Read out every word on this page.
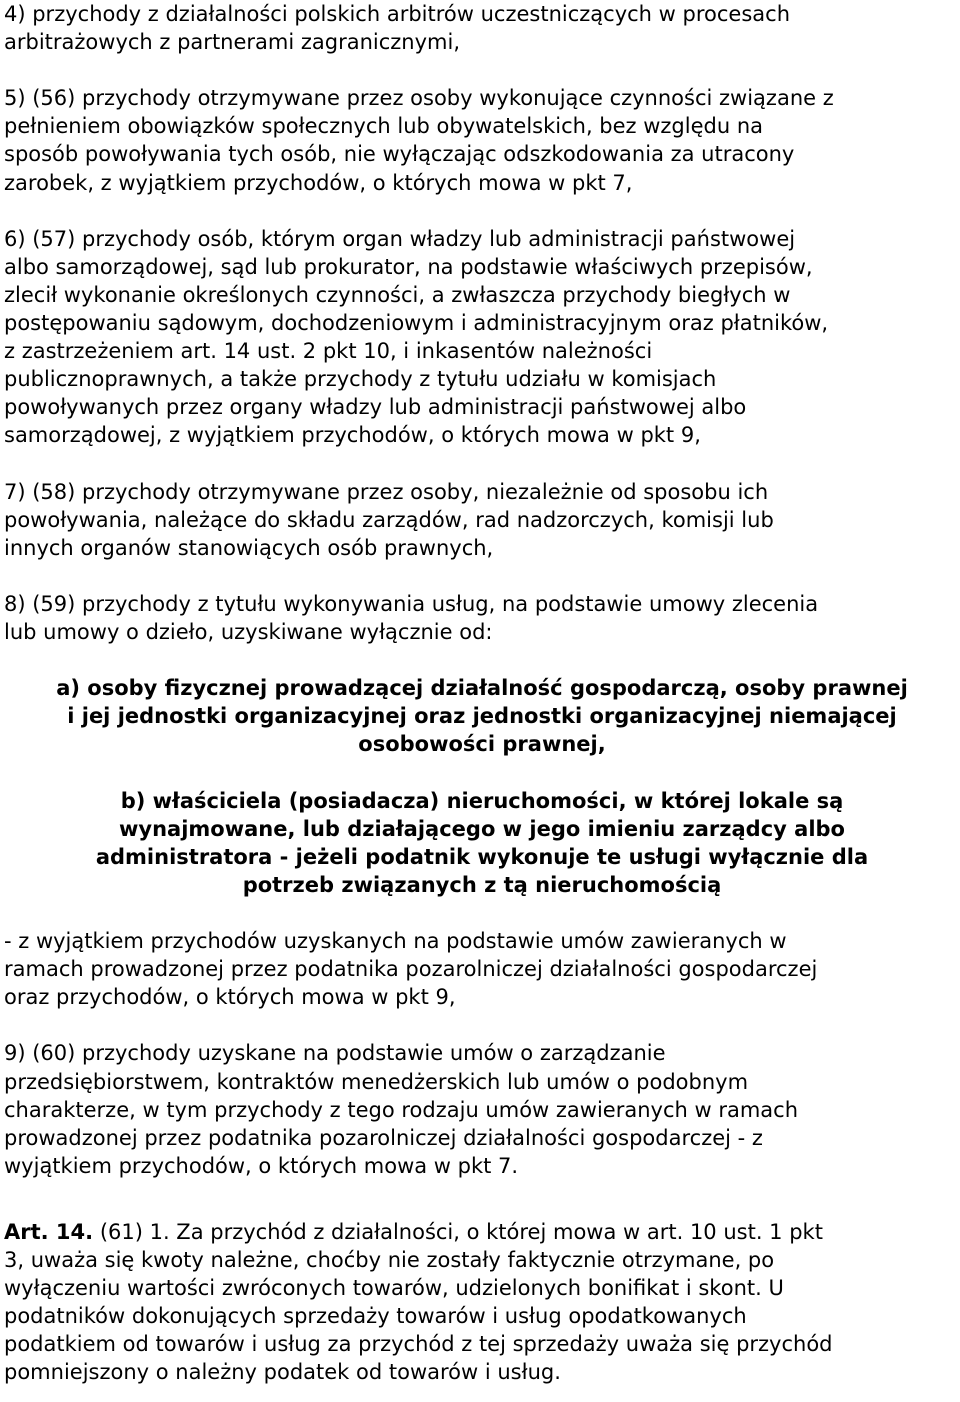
4) przychody z działalności polskich arbitrów uczestniczących w procesach
arbitrażowych z partnerami zagranicznymi,

5) (56) przychody otrzymywane przez osoby wykonujące czynności związane z
pełnieniem obowiązków społecznych lub obywatelskich, bez względu na
sposób powoływania tych osób, nie wyłączając odszkodowania za utracony
zarobek, z wyjątkiem przychodów, o których mowa w pkt 7,

6) (57) przychody osób, którym organ władzy lub administracji państwowej
albo samorządowej, sąd lub prokurator, na podstawie właściwych przepisów,
zlecił wykonanie określonych czynności, a zwłaszcza przychody biegłych w
postępowaniu sądowym, dochodzeniowym i administracyjnym oraz płatników,
z zastrzeżeniem art. 14 ust. 2 pkt 10, i inkasentów należności
publicznoprawnych, a także przychody z tytułu udziału w komisjach
powoływanych przez organy władzy lub administracji państwowej albo
samorządowej, z wyjątkiem przychodów, o których mowa w pkt 9,

7) (58) przychody otrzymywane przez osoby, niezależnie od sposobu ich
powoływania, należące do składu zarządów, rad nadzorczych, komisji lub
innych organów stanowiących osób prawnych,

8) (59) przychody z tytułu wykonywania usług, na podstawie umowy zlecenia
lub umowy o dzieło, uzyskiwane wyłącznie od:

a) osoby fizycznej prowadzącej działalność gospodarczą, osoby prawnej
i jej jednostki organizacyjnej oraz jednostki organizacyjnej niemającej
osobowości prawnej,

b) właściciela (posiadacza) nieruchomości, w której lokale są
wynajmowane, lub działającego w jego imieniu zarządcy albo
administratora - jeżeli podatnik wykonuje te usługi wyłącznie dla
potrzeb związanych z tą nieruchomością

- z wyjątkiem przychodów uzyskanych na podstawie umów zawieranych w
ramach prowadzonej przez podatnika pozarolniczej działalności gospodarczej
oraz przychodów, o których mowa w pkt 9,

9) (60) przychody uzyskane na podstawie umów o zarządzanie
przedsiębiorstwem, kontraktów menedżerskich lub umów o podobnym
charakterze, w tym przychody z tego rodzaju umów zawieranych w ramach
prowadzonej przez podatnika pozarolniczej działalności gospodarczej - z
wyjątkiem przychodów, o których mowa w pkt 7.

Art. 14. (61) 1. Za przychód z działalności, o której mowa w art. 10 ust. 1 pkt
3, uważa się kwoty należne, choćby nie zostały faktycznie otrzymane, po
wyłączeniu wartości zwróconych towarów, udzielonych bonifikat i skont. U
podatników dokonujących sprzedaży towarów i usług opodatkowanych
podatkiem od towarów i usług za przychód z tej sprzedaży uważa się przychód
pomniejszony o należny podatek od towarów i usług.
